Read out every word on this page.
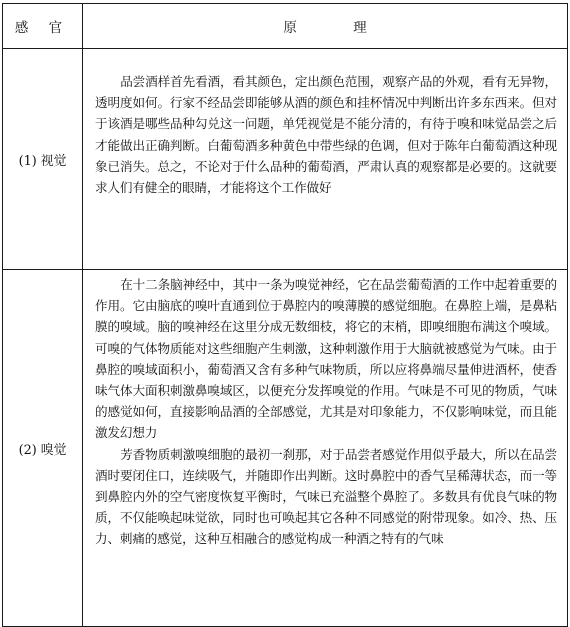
感 官	原 理
(1) 视觉	品尝酒样首先看酒，看其颜色，定出颜色范围，观察产品的外观，看有无异物，透明度如何。行家不经品尝即能够从酒的颜色和挂杯情况中判断出许多东西来。但对于该酒是哪些品种勾兑这一问题，单凭视觉是不能分清的，有待于嗅和味觉品尝之后才能做出正确判断。白葡萄酒多种黄色中带些绿的色调，但对于陈年白葡萄酒这种现象已消失。总之，不论对于什么品种的葡萄酒，严肃认真的观察都是必要的。这就要求人们有健全的眼睛，才能将这个工作做好

(2) 嗅觉	在十二条脑神经中，其中一条为嗅觉神经，它在品尝葡萄酒的工作中起着重要的作用。它由脑底的嗅叶直通到位于鼻腔内的嗅薄膜的感觉细胞。在鼻腔上端，是鼻粘膜的嗅域。脑的嗅神经在这里分成无数细枝，将它的末梢，即嗅细胞布满这个嗅域。可嗅的气体物质能对这些细胞产生刺激，这种刺激作用于大脑就被感觉为气味。由于鼻腔的嗅域面积小，葡萄酒又含有多种气味物质，所以应将鼻端尽量伸进酒杯，使香味气体大面积刺激鼻嗅域区，以便充分发挥嗅觉的作用。气味是不可见的物质，气味的感觉如何，直接影响品酒的全部感觉，尤其是对印象能力，不仅影响味觉，而且能激发幻想力

芳香物质刺激嗅细胞的最初一刹那，对于品尝者感觉作用似乎最大，所以在品尝酒时要闭住口，连续吸气，并随即作出判断。这时鼻腔中的香气呈稀薄状态，而一等到鼻腔内外的空气密度恢复平衡时，气味已充溢整个鼻腔了。多数具有优良气味的物质，不仅能唤起味觉欲，同时也可唤起其它各种不同感觉的附带现象。如冷、热、压力、刺痛的感觉，这种互相融合的感觉构成一种酒之特有的气味
